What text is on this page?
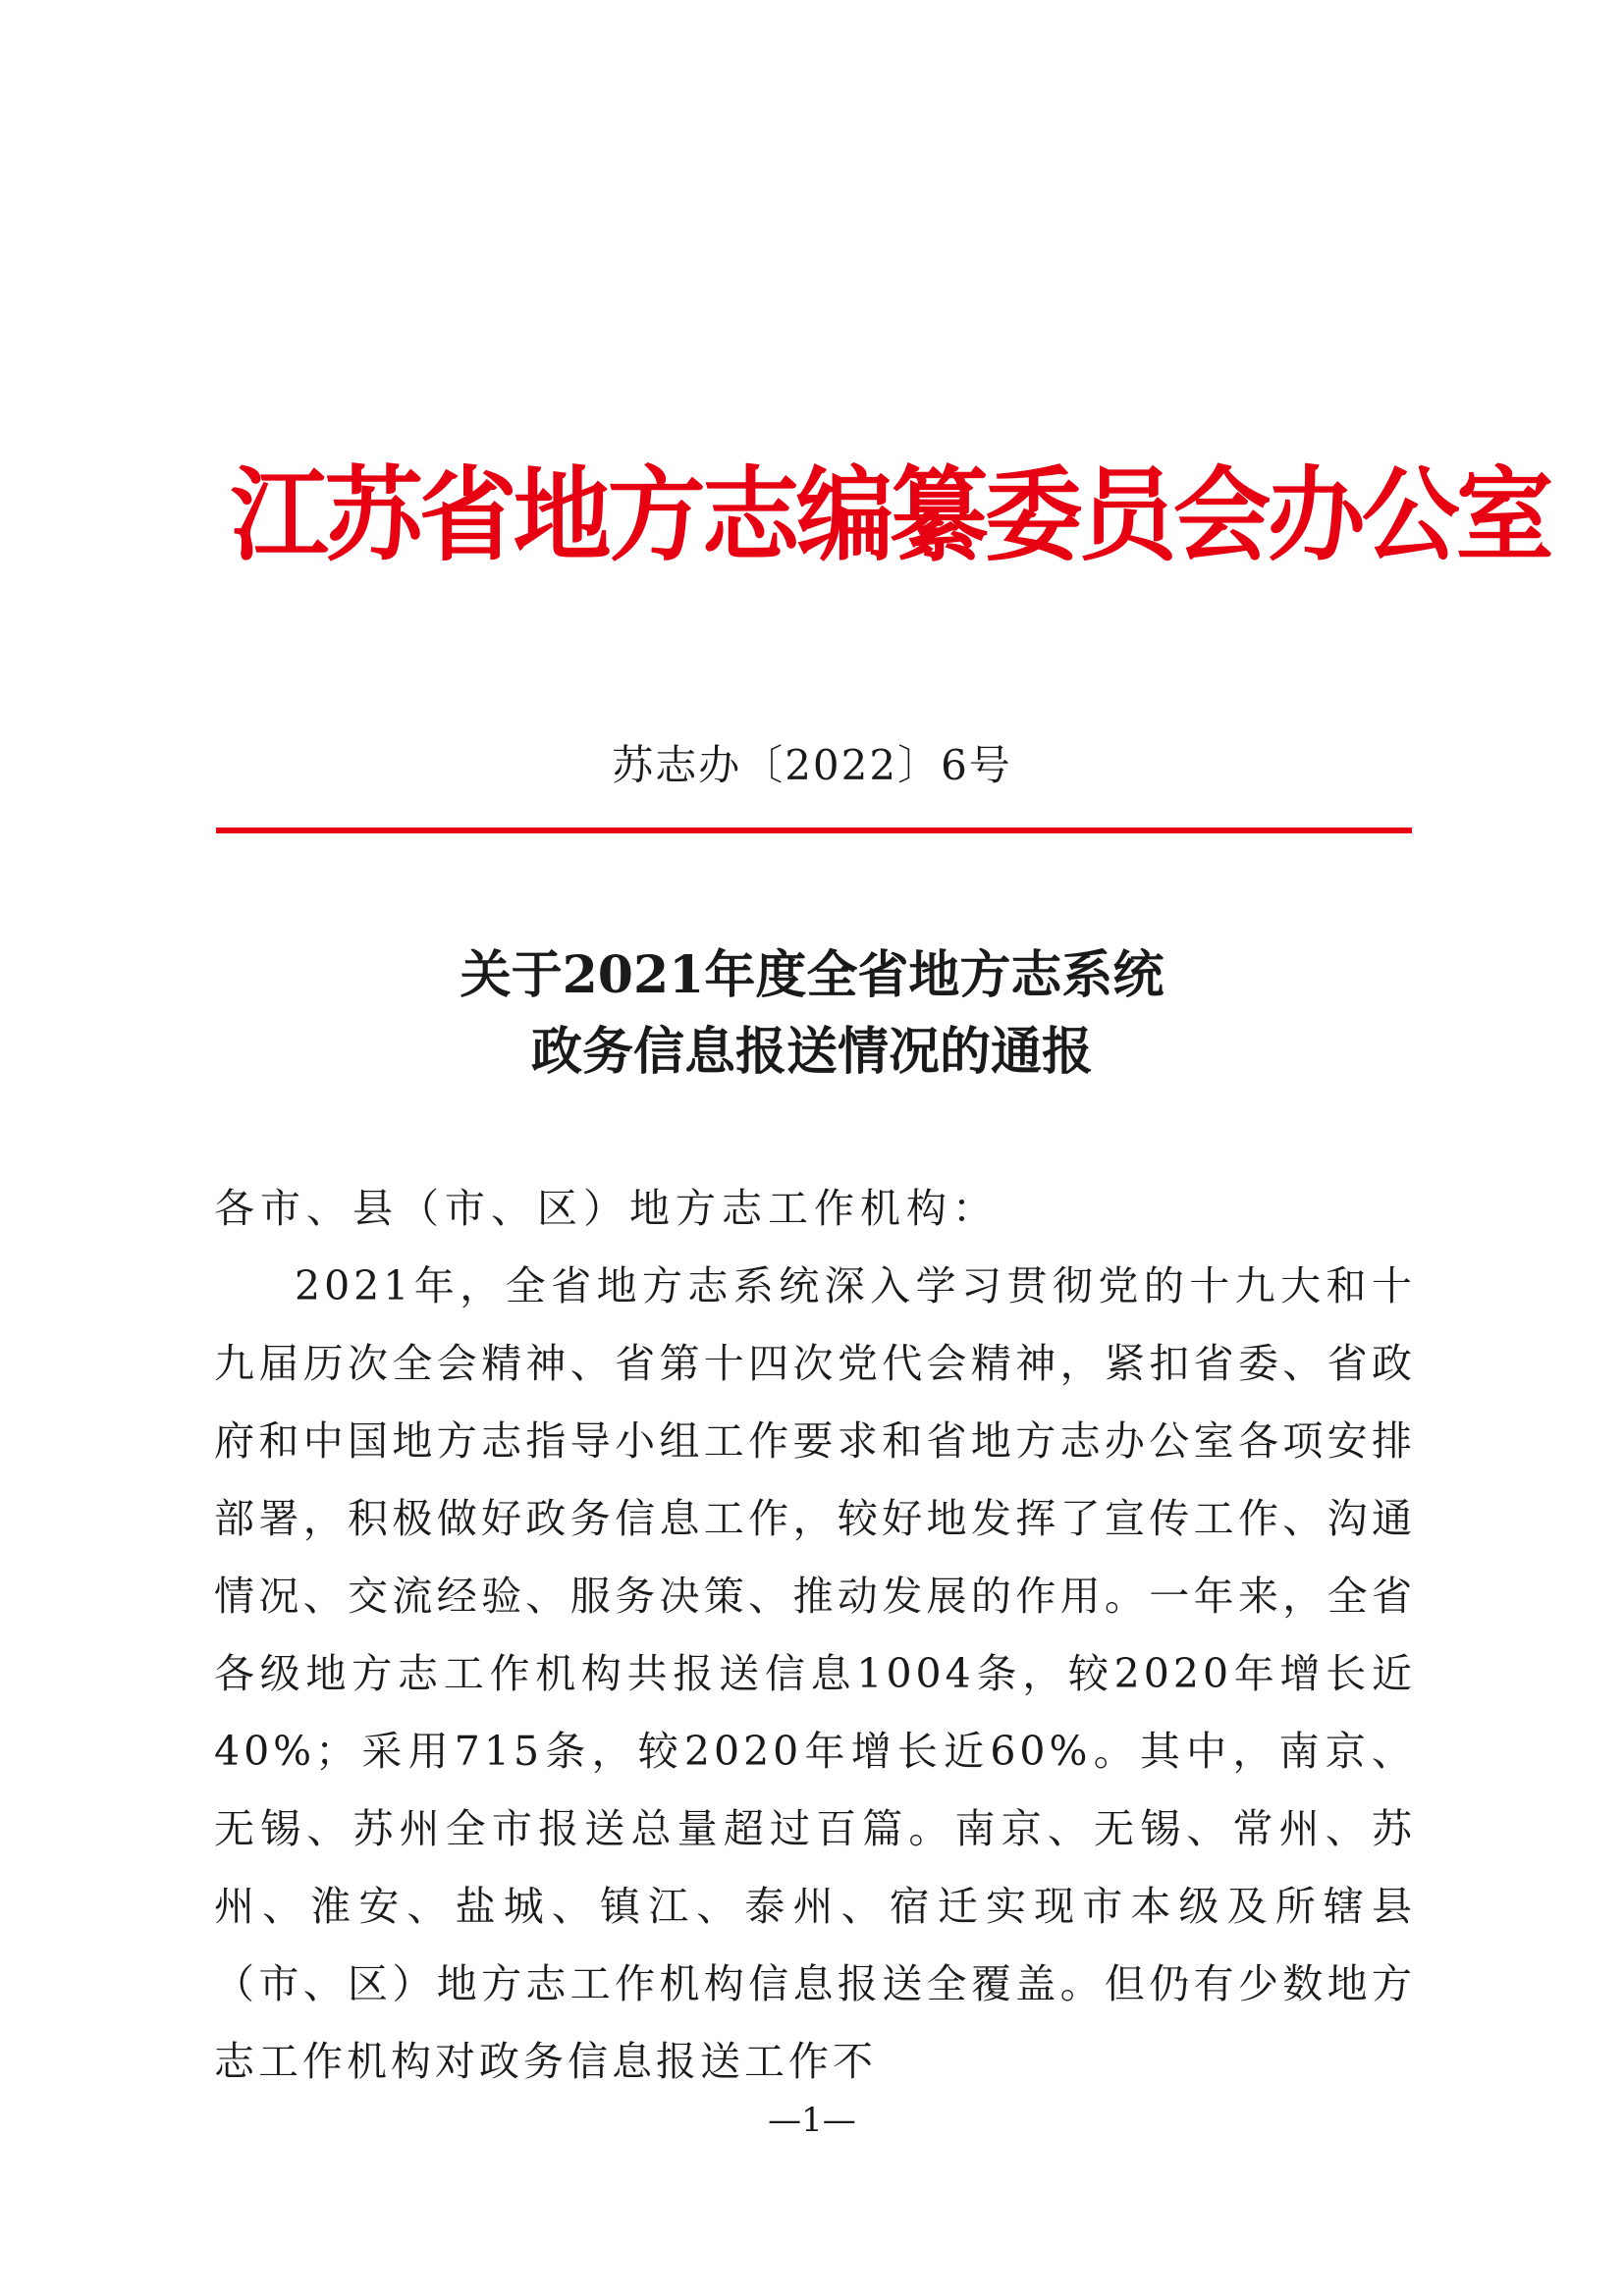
江苏省地方志编纂委员会办公室
苏志办〔2022〕6号
关于2021年度全省地方志系统
政务信息报送情况的通报

各市、县（市、区）地方志工作机构：

2021年，全省地方志系统深入学习贯彻党的十九大和十九届历次全会精神、省第十四次党代会精神，紧扣省委、省政府和中国地方志指导小组工作要求和省地方志办公室各项安排部署，积极做好政务信息工作，较好地发挥了宣传工作、沟通情况、交流经验、服务决策、推动发展的作用。一年来，全省各级地方志工作机构共报送信息1004条，较2020年增长近40%；采用715条，较2020年增长近60%。其中，南京、无锡、苏州全市报送总量超过百篇。南京、无锡、常州、苏州、淮安、盐城、镇江、泰州、宿迁实现市本级及所辖县（市、区）地方志工作机构信息报送全覆盖。但仍有少数地方志工作机构对政务信息报送工作不

—1—
